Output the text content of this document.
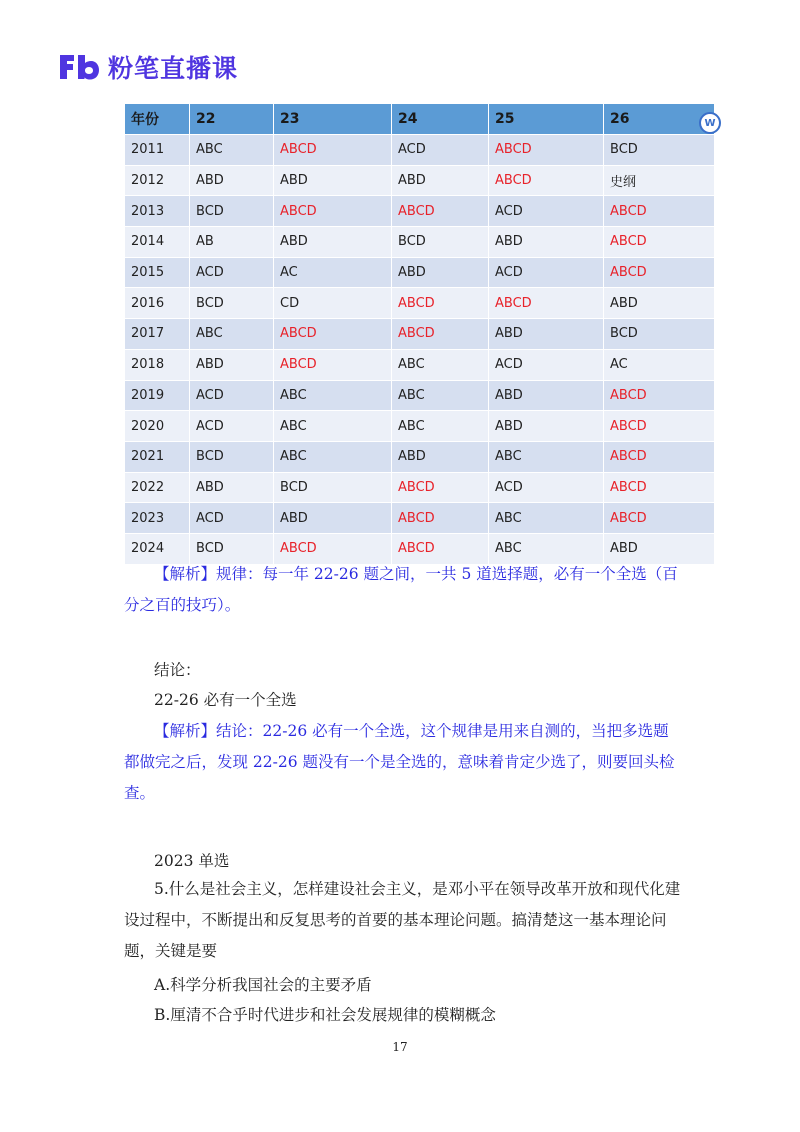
粉笔直播课
年份	22	23	24	25	26
2011	ABC	ABCD	ACD	ABCD	BCD
2012	ABD	ABD	ABD	ABCD	史纲
2013	BCD	ABCD	ABCD	ACD	ABCD
2014	AB	ABD	BCD	ABD	ABCD
2015	ACD	AC	ABD	ACD	ABCD
2016	BCD	CD	ABCD	ABCD	ABD
2017	ABC	ABCD	ABCD	ABD	BCD
2018	ABD	ABCD	ABC	ACD	AC
2019	ACD	ABC	ABC	ABD	ABCD
2020	ACD	ABC	ABC	ABD	ABCD
2021	BCD	ABC	ABD	ABC	ABCD
2022	ABD	BCD	ABCD	ACD	ABCD
2023	ACD	ABD	ABCD	ABC	ABCD
2024	BCD	ABCD	ABCD	ABC	ABD
W

【解析】规律：每一年 22-26 题之间，一共 5 道选择题，必有一个全选（百分之百的技巧）。

结论：

22-26 必有一个全选

【解析】结论：22-26 必有一个全选，这个规律是用来自测的，当把多选题都做完之后，发现 22-26 题没有一个是全选的，意味着肯定少选了，则要回头检查。

2023 单选

5.什么是社会主义，怎样建设社会主义，是邓小平在领导改革开放和现代化建设过程中，不断提出和反复思考的首要的基本理论问题。搞清楚这一基本理论问题，关键是要

A.科学分析我国社会的主要矛盾

B.厘清不合乎时代进步和社会发展规律的模糊概念

17
